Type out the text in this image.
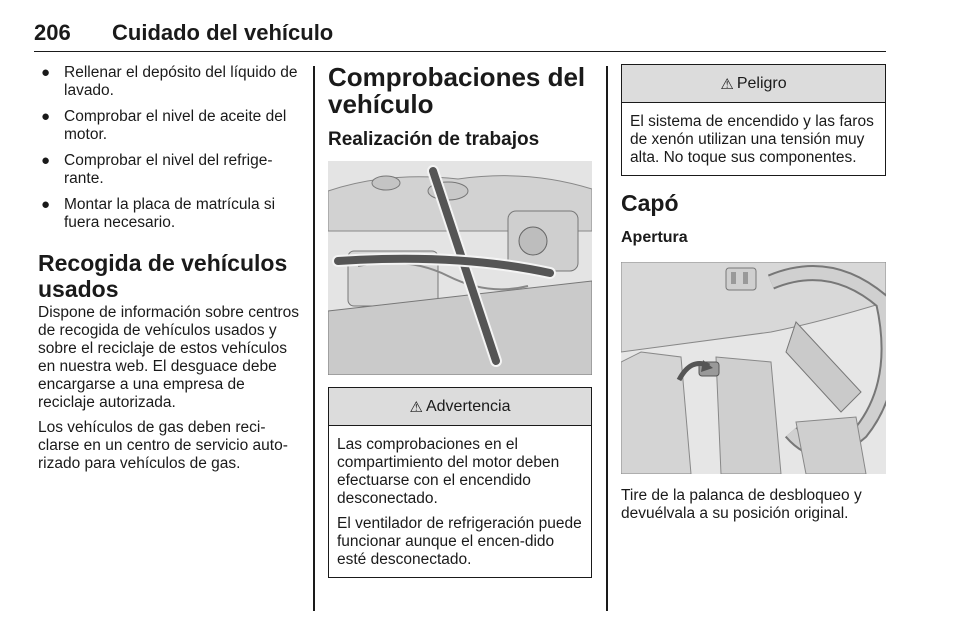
206 Cuidado del vehículo
● Rellenar el depósito del líquido de lavado.
● Comprobar el nivel de aceite del motor.
● Comprobar el nivel del refrige-rante.
● Montar la placa de matrícula si fuera necesario.
Recogida de vehículos usados

Dispone de información sobre centros de recogida de vehículos usados y sobre el reciclaje de estos vehículos en nuestra web. El desguace debe encargarse a una empresa de reciclaje autorizada.

Los vehículos de gas deben reci-clarse en un centro de servicio auto-rizado para vehículos de gas.

Comprobaciones del vehículo
Realización de trabajos
⚠ Advertencia

Las comprobaciones en el compartimiento del motor deben efectuarse con el encendido desconectado.

El ventilador de refrigeración puede funcionar aunque el encen-dido esté desconectado.

⚠ Peligro

El sistema de encendido y las faros de xenón utilizan una tensión muy alta. No toque sus componentes.

Capó
Apertura

Tire de la palanca de desbloqueo y devuélvala a su posición original.
